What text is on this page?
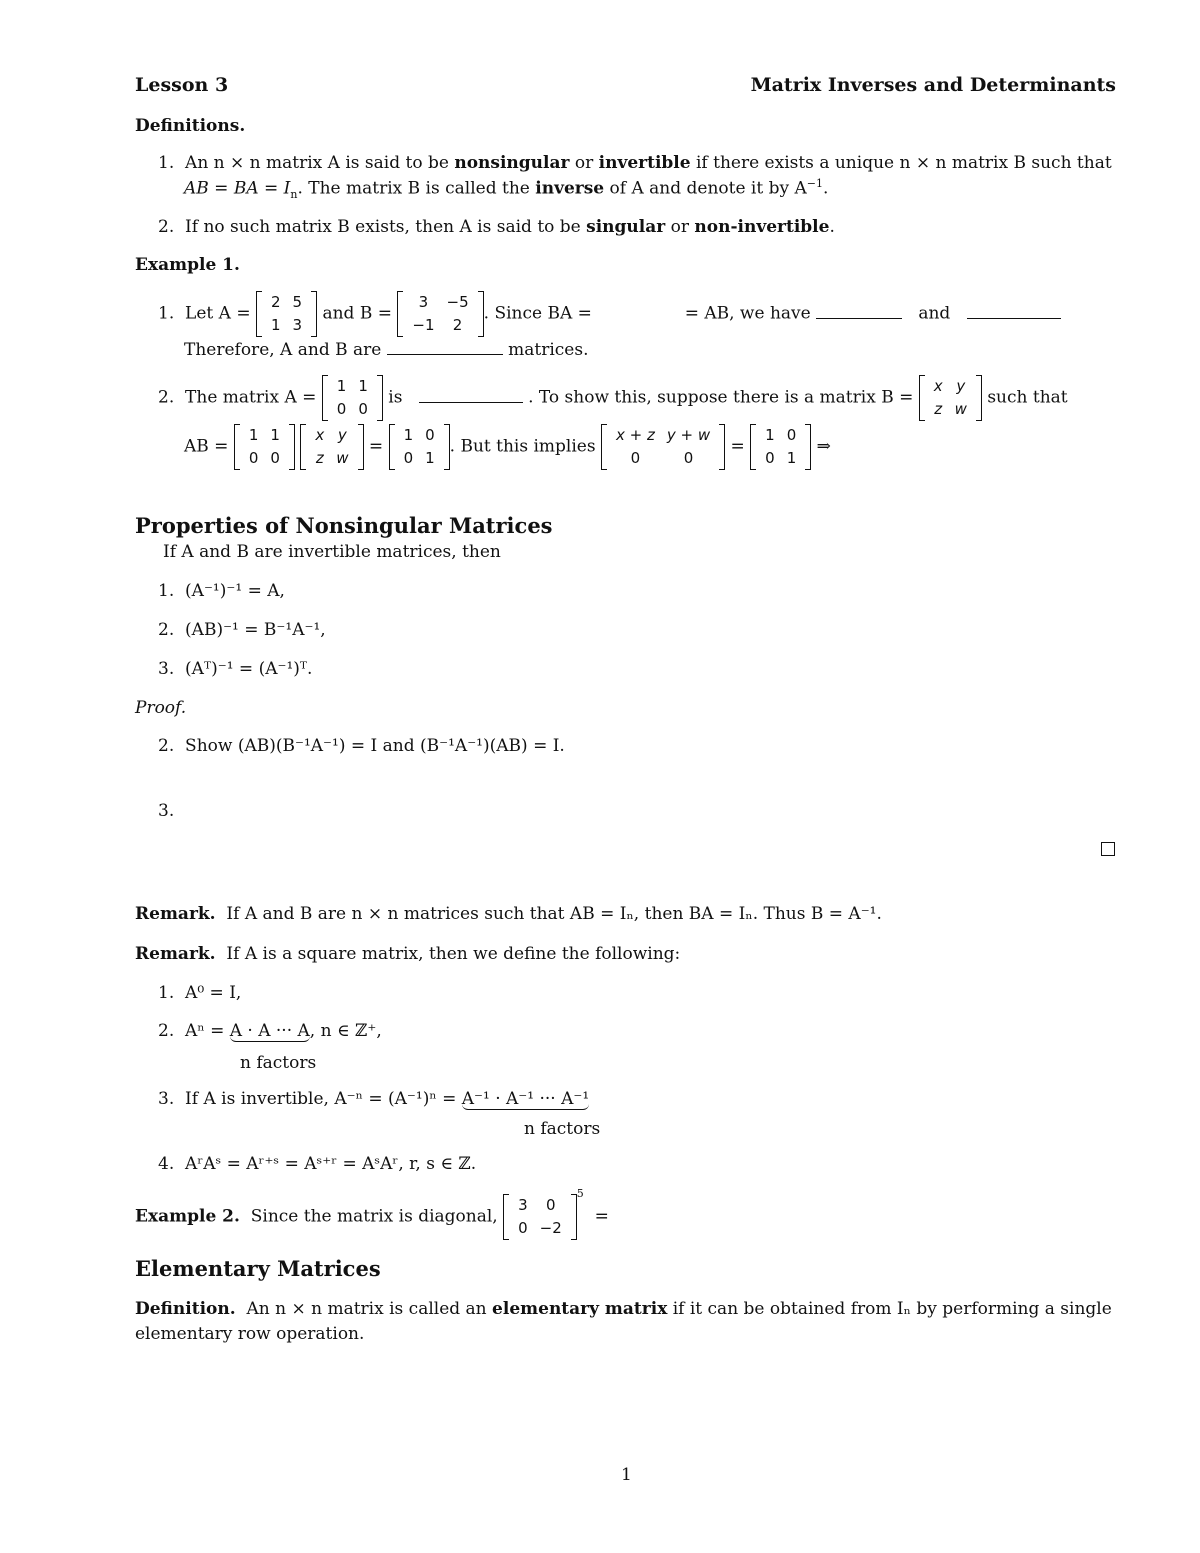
Lesson 3	Matrix Inverses and Determinants
Definitions.
1. An n × n matrix A is said to be nonsingular or invertible if there exists a unique n × n matrix B such that
AB = BA = $I_n$. The matrix B is called the inverse of A and denote it by $A^{-1}$.
2. If no such matrix B exists, then A is said to be singular or non-invertible.
Example 1.
1. Let A =
2	5
1	3
and B =
3	−5
−1	2
. Since BA =	= AB, we have	and
Therefore, A and B are	matrices.
2. The matrix A =
1	1
0	0
is	. To show this, suppose there is a matrix B =
x	y
z	w
such that
AB =
1	1
0	0

x	y
z	w
=
1	0
0	1
. But this implies
x + z	y + w
0	0
=
1	0
0	1
⇒
Properties of Nonsingular Matrices
If A and B are invertible matrices, then
1. (A⁻¹)⁻¹ = A,
2. (AB)⁻¹ = B⁻¹A⁻¹,
3. (Aᵀ)⁻¹ = (A⁻¹)ᵀ.
Proof.
2. Show (AB)(B⁻¹A⁻¹) = I and (B⁻¹A⁻¹)(AB) = I.
3.
Remark. If A and B are n × n matrices such that AB = Iₙ, then BA = Iₙ. Thus B = A⁻¹.
Remark. If A is a square matrix, then we define the following:
1. A⁰ = I,
2. Aⁿ = A · A ··· A, n ∈ ℤ⁺,
n factors
3. If A is invertible, A⁻ⁿ = (A⁻¹)ⁿ = A⁻¹ · A⁻¹ ··· A⁻¹
n factors
4. AʳAˢ = Aʳ⁺ˢ = Aˢ⁺ʳ = AˢAʳ, r, s ∈ ℤ.
Example 2. Since the matrix is diagonal,
3	0
0	−2
$^5$  =
Elementary Matrices
Definition. An n × n matrix is called an elementary matrix if it can be obtained from Iₙ by performing a single
elementary row operation.
1
